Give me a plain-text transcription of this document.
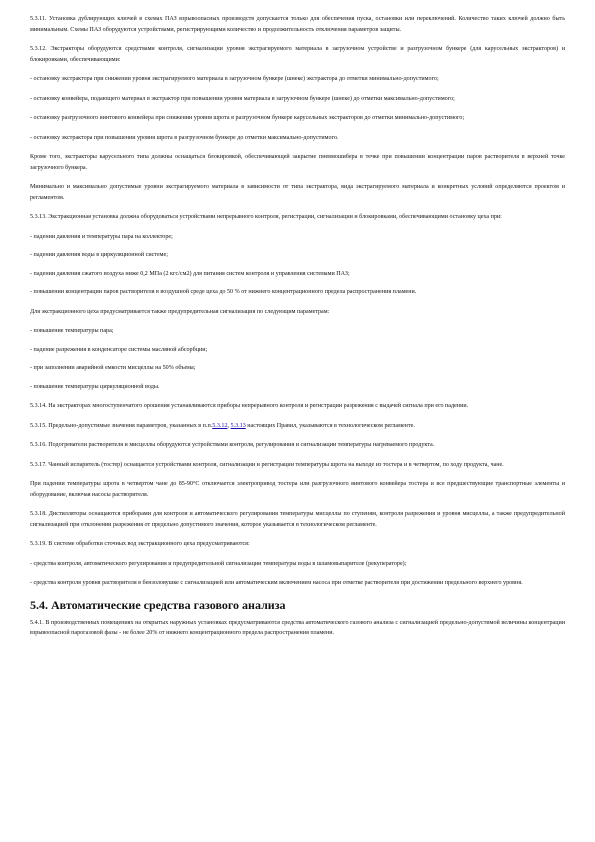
5.3.11. Установка дублирующих ключей в схемах ПАЗ взрывоопасных производств допускается только для обеспечения пуска, остановки или переключений. Количество таких ключей должно быть минимальным. Схемы ПАЗ оборудуются устройствами, регистрирующими количество и продолжительность отключения параметров защиты.

5.3.12. Экстракторы оборудуются средствами контроля, сигнализации уровня экстрагируемого материала в загрузочном устройстве и разгрузочном бункере (для карусельных экстракторов) и блокировками, обеспечивающими:

- остановку экстрактора при снижении уровня экстрагируемого материала в загрузочном бункере (шнеке) экстрактора до отметки минимально-допустимого;

- остановку конвейера, подающего материал в экстрактор при повышении уровня материала в загрузочном бункере (шнеке) до отметки максимально-допустимого;

- остановку разгрузочного винтового конвейера при снижении уровня шрота в разгрузочном бункере карусельных экстракторов до отметки минимально-допустимого;

- остановку экстрактора при повышении уровня шрота в разгрузочном бункере до отметки максимально-допустимого.

Кроме того, экстракторы карусельного типа должны оснащаться блокировкой, обеспечивающей закрытие пневмошибера в течке при повышении концентрации паров растворителя в верхней точке загрузочного бункера.

Минимально и максимально допустимые уровни экстрагируемого материала в зависимости от типа экстрактора, вида экстрагируемого материала и конкретных условий определяются проектом и регламентом.

5.3.13. Экстракционная установка должна оборудоваться устройствами непрерывного контроля, регистрации, сигнализации и блокировками, обеспечивающими остановку цеха при:

- падении давления и температуры пара на коллекторе;

- падении давления воды в циркуляционной системе;

- падении давления сжатого воздуха ниже 0,2 МПа (2 кгс/см2) для питания систем контроля и управления системами ПАЗ;

- повышении концентрации паров растворителя в воздушной среде цеха до 50 % от нижнего концентрационного предела распространения пламени.

Для экстракционного цеха предусматривается также предупредительная сигнализация по следующим параметрам:

- повышение температуры пара;

- падение разрежения в конденсаторе системы масляной абсорбции;

- при заполнении аварийной емкости мисцеллы на 50% объема;

- повышение температуры циркуляционной воды.

5.3.14. На экстракторах многоступенчатого орошения устанавливаются приборы непрерывного контроля и регистрации разрежения с выдачей сигнала при его падении.

5.3.15. Предельно-допустимые значения параметров, указанных в п.п.5.3.12, 5.3.13 настоящих Правил, указываются в технологическом регламенте.

5.3.16. Подогреватели растворителя и мисцеллы оборудуются устройствами контроля, регулирования и сигнализации температуры нагреваемого продукта.

5.3.17. Чанный испаритель (тостер) оснащается устройствами контроля, сигнализации и регистрации температуры шрота на выходе из тостера и в четвертом, по ходу продукта, чане.

При падении температуры шрота в четвертом чане до 85-90°С отключается электропривод тостера или разгрузочного винтового конвейера тостера и все предшествующие транспортные элементы и оборудование, включая насосы растворителя.

5.3.18. Дистилляторы оснащаются приборами для контроля и автоматического регулирования температуры мисцеллы по ступеням, контроля разрежения и уровня мисцеллы, а также предупредительной сигнализацией при отклонении разрежения от предельно допустимого значения, которое указывается в технологическом регламенте.

5.3.19. В системе обработки сточных вод экстракционного цеха предусматриваются:

- средства контроля, автоматического регулирования и предупредительной сигнализации температуры воды в шламовыпарителе (рекуператоре);

- средства контроля уровня растворителя в бензоловушке с сигнализацией или автоматическим включением насоса при отметке растворителя при достижении предельного верхнего уровня.

5.4. Автоматические средства газового анализа

5.4.1. В производственных помещениях на открытых наружных установках предусматриваются средства автоматического газового анализа с сигнализацией предельно-допустимой величины концентрации взрывоопасной парогазовой фазы - не более 20% от нижнего концентрационного предела распространения пламени.
